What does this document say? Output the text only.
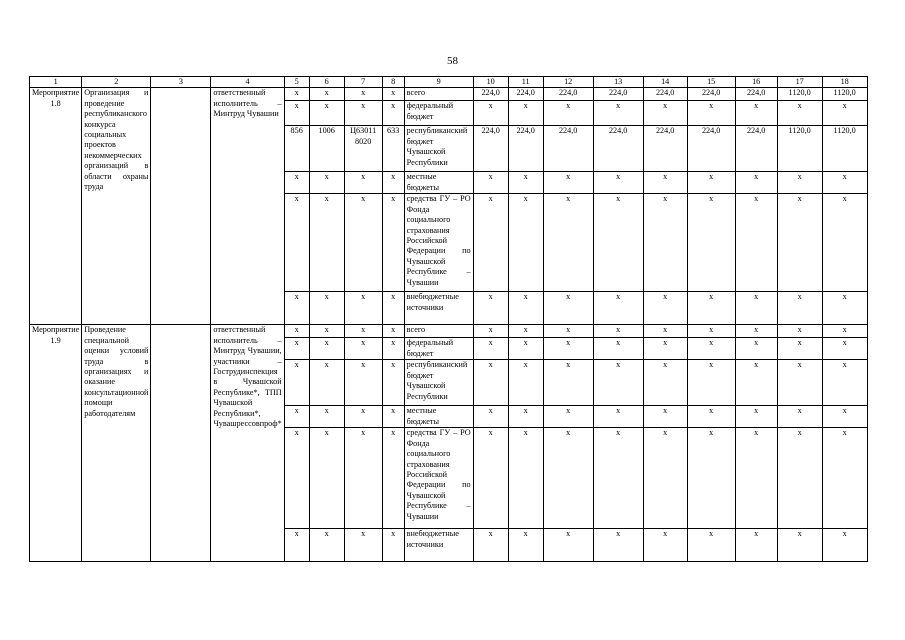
58
1	2	3	4	5	6	7	8	9	10	11	12	13	14	15	16	17	18
Мероприятие 1.8	Организация и проведение республиканского конкурса социальных проектов некоммерческих организаций в области охраны труда		ответственный исполнитель – Минтруд Чувашии	x	x	x	x	всего	224,0	224,0	224,0	224,0	224,0	224,0	224,0	1120,0	1120,0
				x	x	x	x	федеральный бюджет	x	x	x	x	x	x	x	x	x
				856	1006	Ц63011 8020	633	республиканский бюджет Чувашской Республики	224,0	224,0	224,0	224,0	224,0	224,0	224,0	1120,0	1120,0
				x	x	x	x	местные бюджеты	x	x	x	x	x	x	x	x	x
				x	x	x	x	средства ГУ – РО Фонда социального страхования Российской Федерации по Чувашской Республике – Чувашии	x	x	x	x	x	x	x	x	x
				x	x	x	x	внебюджетные источники	x	x	x	x	x	x	x	x	x
Мероприятие 1.9	Проведение специальной оценки условий труда в организациях и оказание консультационной помощи работодателям		ответственный исполнитель – Минтруд Чувашии, участники – Гострудинспекция в Чувашской Республике*, ТПП Чувашской Республики*, Чувашрессовпроф*	x	x	x	x	всего	x	x	x	x	x	x	x	x	x
				x	x	x	x	федеральный бюджет	x	x	x	x	x	x	x	x	x
				x	x	x	x	республиканский бюджет Чувашской Республики	x	x	x	x	x	x	x	x	x
				x	x	x	x	местные бюджеты	x	x	x	x	x	x	x	x	x
				x	x	x	x	средства ГУ – РО Фонда социального страхования Российской Федерации по Чувашской Республике – Чувашии	x	x	x	x	x	x	x	x	x
				x	x	x	x	внебюджетные источники	x	x	x	x	x	x	x	x	x
